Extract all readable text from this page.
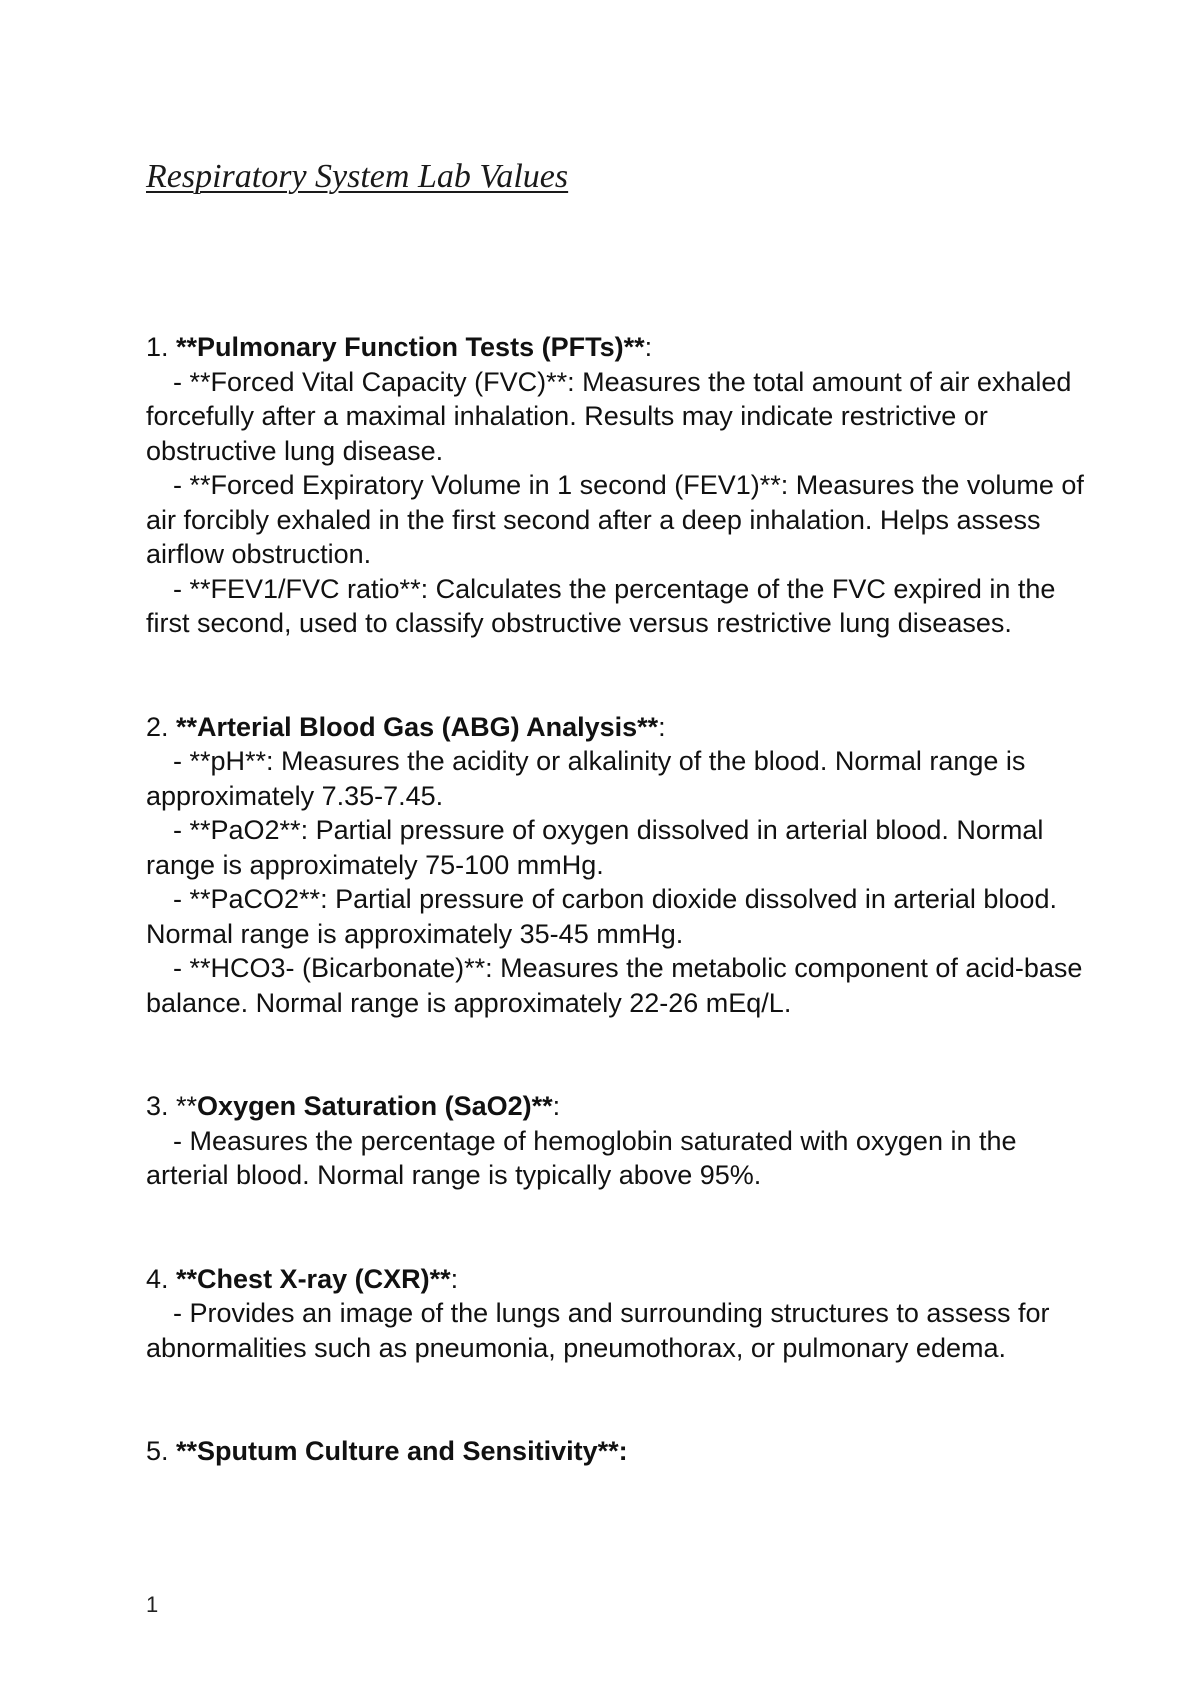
Respiratory System Lab Values
1. **Pulmonary Function Tests (PFTs)**:

- **Forced Vital Capacity (FVC)**: Measures the total amount of air exhaled forcefully after a maximal inhalation. Results may indicate restrictive or obstructive lung disease.

- **Forced Expiratory Volume in 1 second (FEV1)**: Measures the volume of air forcibly exhaled in the first second after a deep inhalation. Helps assess airflow obstruction.

- **FEV1/FVC ratio**: Calculates the percentage of the FVC expired in the first second, used to classify obstructive versus restrictive lung diseases.

2. **Arterial Blood Gas (ABG) Analysis**:

- **pH**: Measures the acidity or alkalinity of the blood. Normal range is approximately 7.35-7.45.

- **PaO2**: Partial pressure of oxygen dissolved in arterial blood. Normal range is approximately 75-100 mmHg.

- **PaCO2**: Partial pressure of carbon dioxide dissolved in arterial blood. Normal range is approximately 35-45 mmHg.

- **HCO3- (Bicarbonate)**: Measures the metabolic component of acid-base balance. Normal range is approximately 22-26 mEq/L.

3. **Oxygen Saturation (SaO2)**:

- Measures the percentage of hemoglobin saturated with oxygen in the arterial blood. Normal range is typically above 95%.

4. **Chest X-ray (CXR)**:

- Provides an image of the lungs and surrounding structures to assess for abnormalities such as pneumonia, pneumothorax, or pulmonary edema.

5. **Sputum Culture and Sensitivity**:
1
